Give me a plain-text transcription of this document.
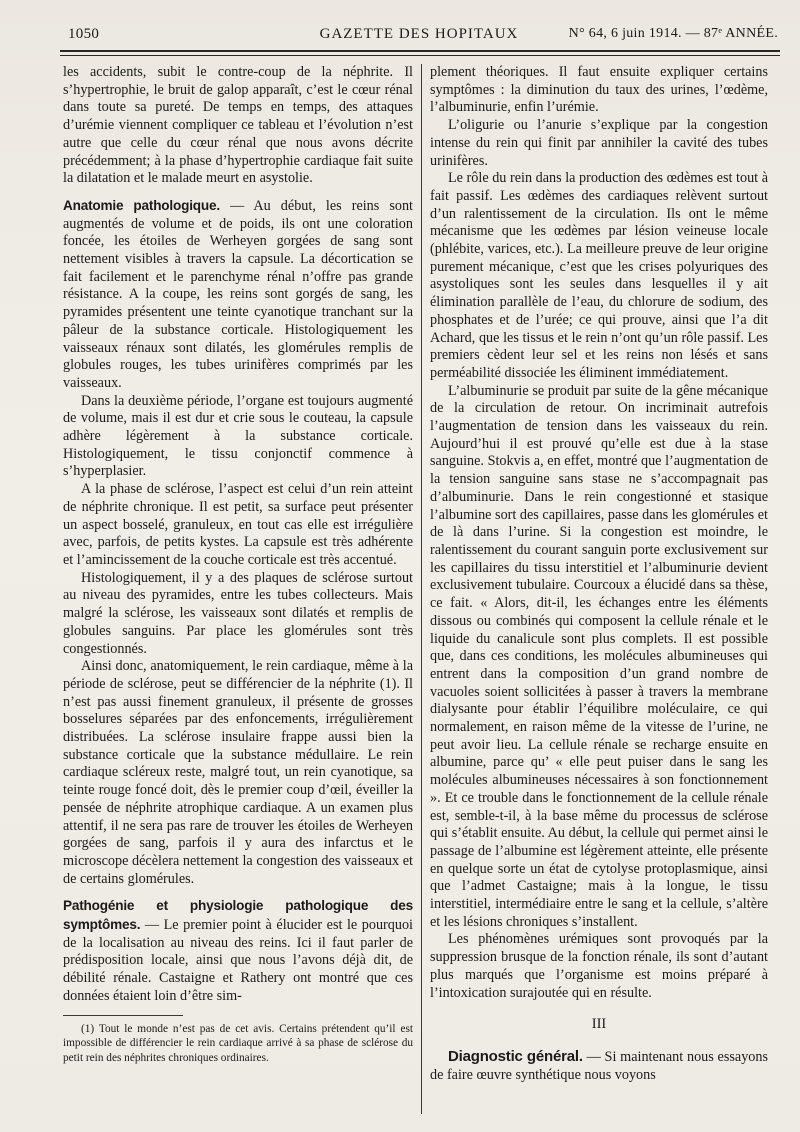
1050	GAZETTE DES HOPITAUX	N° 64, 6 juin 1914. — 87ᵉ ANNÉE.

les accidents, subit le contre-coup de la néphrite. Il s’hypertrophie, le bruit de galop apparaît, c’est le cœur rénal dans toute sa pureté. De temps en temps, des attaques d’urémie viennent compliquer ce tableau et l’évolution n’est autre que celle du cœur rénal que nous avons décrite précédemment; à la phase d’hypertrophie cardiaque fait suite la dilatation et le malade meurt en asystolie.

Anatomie pathologique. — Au début, les reins sont augmentés de volume et de poids, ils ont une coloration foncée, les étoiles de Werheyen gorgées de sang sont nettement visibles à travers la capsule. La décortication se fait facilement et le parenchyme rénal n’offre pas grande résistance. A la coupe, les reins sont gorgés de sang, les pyramides présentent une teinte cyanotique tranchant sur la pâleur de la substance corticale. Histologiquement les vaisseaux rénaux sont dilatés, les glomérules remplis de globules rouges, les tubes urinifères comprimés par les vaisseaux.

Dans la deuxième période, l’organe est toujours augmenté de volume, mais il est dur et crie sous le couteau, la capsule adhère légèrement à la substance corticale. Histologiquement, le tissu conjonctif commence à s’hyperplasier.

A la phase de sclérose, l’aspect est celui d’un rein atteint de néphrite chronique. Il est petit, sa surface peut présenter un aspect bosselé, granuleux, en tout cas elle est irrégulière avec, parfois, de petits kystes. La capsule est très adhérente et l’amincissement de la couche corticale est très accentué.

Histologiquement, il y a des plaques de sclérose surtout au niveau des pyramides, entre les tubes collecteurs. Mais malgré la sclérose, les vaisseaux sont dilatés et remplis de globules sanguins. Par place les glomérules sont très congestionnés.

Ainsi donc, anatomiquement, le rein cardiaque, même à la période de sclérose, peut se différencier de la néphrite (1). Il n’est pas aussi finement granuleux, il présente de grosses bosselures séparées par des enfoncements, irrégulièrement distribuées. La sclérose insulaire frappe aussi bien la substance corticale que la substance médullaire. Le rein cardiaque scléreux reste, malgré tout, un rein cyanotique, sa teinte rouge foncé doit, dès le premier coup d’œil, éveiller la pensée de néphrite atrophique cardiaque. A un examen plus attentif, il ne sera pas rare de trouver les étoiles de Werheyen gorgées de sang, parfois il y aura des infarctus et le microscope décèlera nettement la congestion des vaisseaux et de certains glomérules.

Pathogénie et physiologie pathologique des symptômes. — Le premier point à élucider est le pourquoi de la localisation au niveau des reins. Ici il faut parler de prédisposition locale, ainsi que nous l’avons déjà dit, de débilité rénale. Castaigne et Rathery ont montré que ces données étaient loin d’être sim-

(1) Tout le monde n’est pas de cet avis. Certains prétendent qu’il est impossible de différencier le rein cardiaque arrivé à sa phase de sclérose du petit rein des néphrites chroniques ordinaires.

plement théoriques. Il faut ensuite expliquer certains symptômes : la diminution du taux des urines, l’œdème, l’albuminurie, enfin l’urémie.

L’oligurie ou l’anurie s’explique par la congestion intense du rein qui finit par annihiler la cavité des tubes urinifères.

Le rôle du rein dans la production des œdèmes est tout à fait passif. Les œdèmes des cardiaques relèvent surtout d’un ralentissement de la circulation. Ils ont le même mécanisme que les œdèmes par lésion veineuse locale (phlébite, varices, etc.). La meilleure preuve de leur origine purement mécanique, c’est que les crises polyuriques des asystoliques sont les seules dans lesquelles il y ait élimination parallèle de l’eau, du chlorure de sodium, des phosphates et de l’urée; ce qui prouve, ainsi que l’a dit Achard, que les tissus et le rein n’ont qu’un rôle passif. Les premiers cèdent leur sel et les reins non lésés et sans perméabilité dissociée les éliminent immédiatement.

L’albuminurie se produit par suite de la gêne mécanique de la circulation de retour. On incriminait autrefois l’augmentation de tension dans les vaisseaux du rein. Aujourd’hui il est prouvé qu’elle est due à la stase sanguine. Stokvis a, en effet, montré que l’augmentation de la tension sanguine sans stase ne s’accompagnait pas d’albuminurie. Dans le rein congestionné et stasique l’albumine sort des capillaires, passe dans les glomérules et de là dans l’urine. Si la congestion est moindre, le ralentissement du courant sanguin porte exclusivement sur les capillaires du tissu interstitiel et l’albuminurie devient exclusivement tubulaire. Courcoux a élucidé dans sa thèse, ce fait. « Alors, dit-il, les échanges entre les éléments dissous ou combinés qui composent la cellule rénale et le liquide du canalicule sont plus complets. Il est possible que, dans ces conditions, les molécules albumineuses qui entrent dans la composition d’un grand nombre de vacuoles soient sollicitées à passer à travers la membrane dialysante pour établir l’équilibre moléculaire, ce qui normalement, en raison même de la vitesse de l’urine, ne peut avoir lieu. La cellule rénale se recharge ensuite en albumine, parce qu’ « elle peut puiser dans le sang les molécules albumineuses nécessaires à son fonctionnement ». Et ce trouble dans le fonctionnement de la cellule rénale est, semble-t-il, à la base même du processus de sclérose qui s’établit ensuite. Au début, la cellule qui permet ainsi le passage de l’albumine est légèrement atteinte, elle présente en quelque sorte un état de cytolyse protoplasmique, ainsi que l’admet Castaigne; mais à la longue, le tissu interstitiel, intermédiaire entre le sang et la cellule, s’altère et les lésions chroniques s’installent.

Les phénomènes urémiques sont provoqués par la suppression brusque de la fonction rénale, ils sont d’autant plus marqués que l’organisme est moins préparé à l’intoxication surajoutée qui en résulte.

III

Diagnostic général. — Si maintenant nous essayons de faire œuvre synthétique nous voyons
